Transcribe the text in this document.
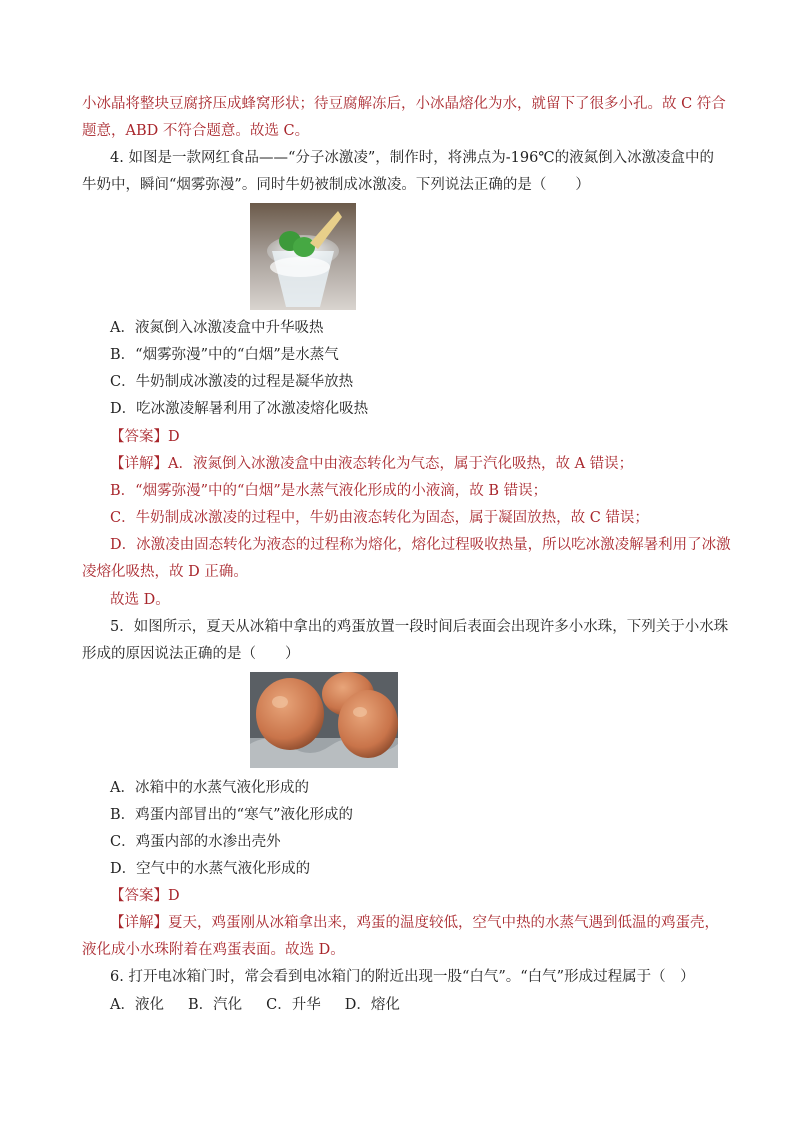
小冰晶将整块豆腐挤压成蜂窝形状；待豆腐解冻后，小冰晶熔化为水，就留下了很多小孔。故 C 符合
题意，ABD 不符合题意。故选 C。
4. 如图是一款网红食品——“分子冰激凌”，制作时，将沸点为-196℃的液氮倒入冰激凌盒中的
牛奶中，瞬间“烟雾弥漫”。同时牛奶被制成冰激凌。下列说法正确的是（　　）
A．液氮倒入冰激凌盒中升华吸热
B．“烟雾弥漫”中的“白烟”是水蒸气
C．牛奶制成冰激凌的过程是凝华放热
D．吃冰激凌解暑利用了冰激凌熔化吸热
【答案】D
【详解】A．液氮倒入冰激凌盒中由液态转化为气态，属于汽化吸热，故 A 错误；
B．“烟雾弥漫”中的“白烟”是水蒸气液化形成的小液滴，故 B 错误；
C．牛奶制成冰激凌的过程中，牛奶由液态转化为固态，属于凝固放热，故 C 错误；
D．冰激凌由固态转化为液态的过程称为熔化，熔化过程吸收热量，所以吃冰激凌解暑利用了冰激
凌熔化吸热，故 D 正确。
故选 D。
5．如图所示，夏天从冰箱中拿出的鸡蛋放置一段时间后表面会出现许多小水珠，下列关于小水珠
形成的原因说法正确的是（　　）
A．冰箱中的水蒸气液化形成的
B．鸡蛋内部冒出的“寒气”液化形成的
C．鸡蛋内部的水渗出壳外
D．空气中的水蒸气液化形成的
【答案】D
【详解】夏天，鸡蛋刚从冰箱拿出来，鸡蛋的温度较低，空气中热的水蒸气遇到低温的鸡蛋壳，
液化成小水珠附着在鸡蛋表面。故选 D。
6. 打开电冰箱门时，常会看到电冰箱门的附近出现一股“白气”。“白气”形成过程属于（　）
A．液化 B．汽化 C．升华 D．熔化
